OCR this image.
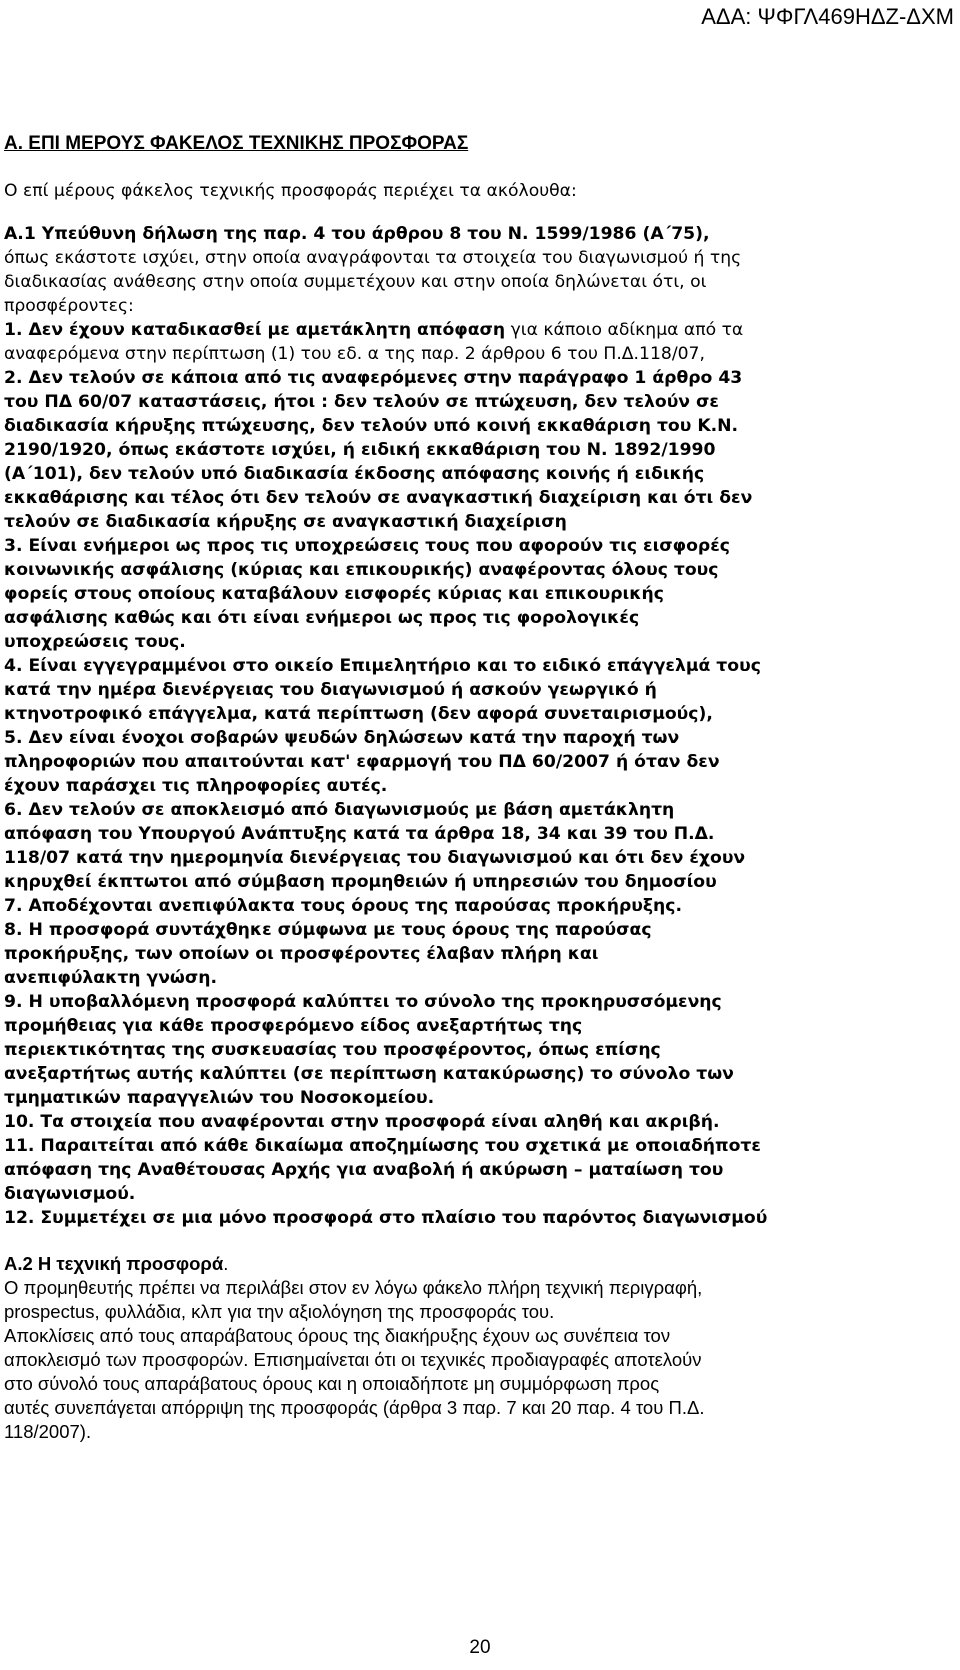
ΑΔΑ: ΨΦΓΛ469ΗΔΖ-ΔΧΜ
Α. ΕΠΙ ΜΕΡΟΥΣ ΦΑΚΕΛΟΣ ΤΕΧΝΙΚΗΣ ΠΡΟΣΦΟΡΑΣ
Ο επί μέρους φάκελος τεχνικής προσφοράς περιέχει τα ακόλουθα:
Α.1 Υπεύθυνη δήλωση της παρ. 4 του άρθρου 8 του Ν. 1599/1986 (Α΄75),
όπως εκάστοτε ισχύει, στην οποία αναγράφονται τα στοιχεία του διαγωνισμού ή της
διαδικασίας ανάθεσης στην οποία συμμετέχουν και στην οποία δηλώνεται ότι, οι
προσφέροντες:
1. Δεν έχουν καταδικασθεί με αμετάκλητη απόφαση για κάποιο αδίκημα από τα
αναφερόμενα στην περίπτωση (1) του εδ. α της παρ. 2 άρθρου 6 του Π.Δ.118/07,
2. Δεν τελούν σε κάποια από τις αναφερόμενες στην παράγραφο 1 άρθρο 43
του ΠΔ 60/07 καταστάσεις, ήτοι : δεν τελούν σε πτώχευση, δεν τελούν σε
διαδικασία κήρυξης πτώχευσης, δεν τελούν υπό κοινή εκκαθάριση του Κ.Ν.
2190/1920, όπως εκάστοτε ισχύει, ή ειδική εκκαθάριση του Ν. 1892/1990
(Α΄101), δεν τελούν υπό διαδικασία έκδοσης απόφασης κοινής ή ειδικής
εκκαθάρισης και τέλος ότι δεν τελούν σε αναγκαστική διαχείριση και ότι δεν
τελούν σε διαδικασία κήρυξης σε αναγκαστική διαχείριση
3. Είναι ενήμεροι ως προς τις υποχρεώσεις τους που αφορούν τις εισφορές
κοινωνικής ασφάλισης (κύριας και επικουρικής) αναφέροντας όλους τους
φορείς στους οποίους καταβάλουν εισφορές κύριας και επικουρικής
ασφάλισης καθώς και ότι είναι ενήμεροι ως προς τις φορολογικές
υποχρεώσεις τους.
4. Είναι εγγεγραμμένοι στο οικείο Επιμελητήριο και το ειδικό επάγγελμά τους
κατά την ημέρα διενέργειας του διαγωνισμού ή ασκούν γεωργικό ή
κτηνοτροφικό επάγγελμα, κατά περίπτωση (δεν αφορά συνεταιρισμούς),
5. Δεν είναι ένοχοι σοβαρών ψευδών δηλώσεων κατά την παροχή των
πληροφοριών που απαιτούνται κατ' εφαρμογή του ΠΔ 60/2007 ή όταν δεν
έχουν παράσχει τις πληροφορίες αυτές.
6. Δεν τελούν σε αποκλεισμό από διαγωνισμούς με βάση αμετάκλητη
απόφαση του Υπουργού Ανάπτυξης κατά τα άρθρα 18, 34 και 39 του Π.Δ.
118/07 κατά την ημερομηνία διενέργειας του διαγωνισμού και ότι δεν έχουν
κηρυχθεί έκπτωτοι από σύμβαση προμηθειών ή υπηρεσιών του δημοσίου
7. Αποδέχονται ανεπιφύλακτα τους όρους της παρούσας προκήρυξης.
8. Η προσφορά συντάχθηκε σύμφωνα με τους όρους της παρούσας
προκήρυξης, των οποίων οι προσφέροντες έλαβαν πλήρη και
ανεπιφύλακτη γνώση.
9. Η υποβαλλόμενη προσφορά καλύπτει το σύνολο της προκηρυσσόμενης
προμήθειας για κάθε προσφερόμενο είδος ανεξαρτήτως της
περιεκτικότητας της συσκευασίας του προσφέροντος, όπως επίσης
ανεξαρτήτως αυτής καλύπτει (σε περίπτωση κατακύρωσης) το σύνολο των
τμηματικών παραγγελιών του Νοσοκομείου.
10. Τα στοιχεία που αναφέρονται στην προσφορά είναι αληθή και ακριβή.
11. Παραιτείται από κάθε δικαίωμα αποζημίωσης του σχετικά με οποιαδήποτε
απόφαση της Αναθέτουσας Αρχής για αναβολή ή ακύρωση – ματαίωση του
διαγωνισμού.
12. Συμμετέχει σε μια μόνο προσφορά στο πλαίσιο του παρόντος διαγωνισμού
Α.2 Η τεχνική προσφορά.
Ο προμηθευτής πρέπει να περιλάβει στον εν λόγω φάκελο πλήρη τεχνική περιγραφή,
prospectus, φυλλάδια, κλπ για την αξιολόγηση της προσφοράς του.
Αποκλίσεις από τους απαράβατους όρους της διακήρυξης έχουν ως συνέπεια τον
αποκλεισμό των προσφορών. Επισημαίνεται ότι οι τεχνικές προδιαγραφές αποτελούν
στο σύνολό τους απαράβατους όρους και η οποιαδήποτε μη συμμόρφωση προς
αυτές συνεπάγεται απόρριψη της προσφοράς (άρθρα 3 παρ. 7 και 20 παρ. 4 του Π.Δ.
118/2007).
20
